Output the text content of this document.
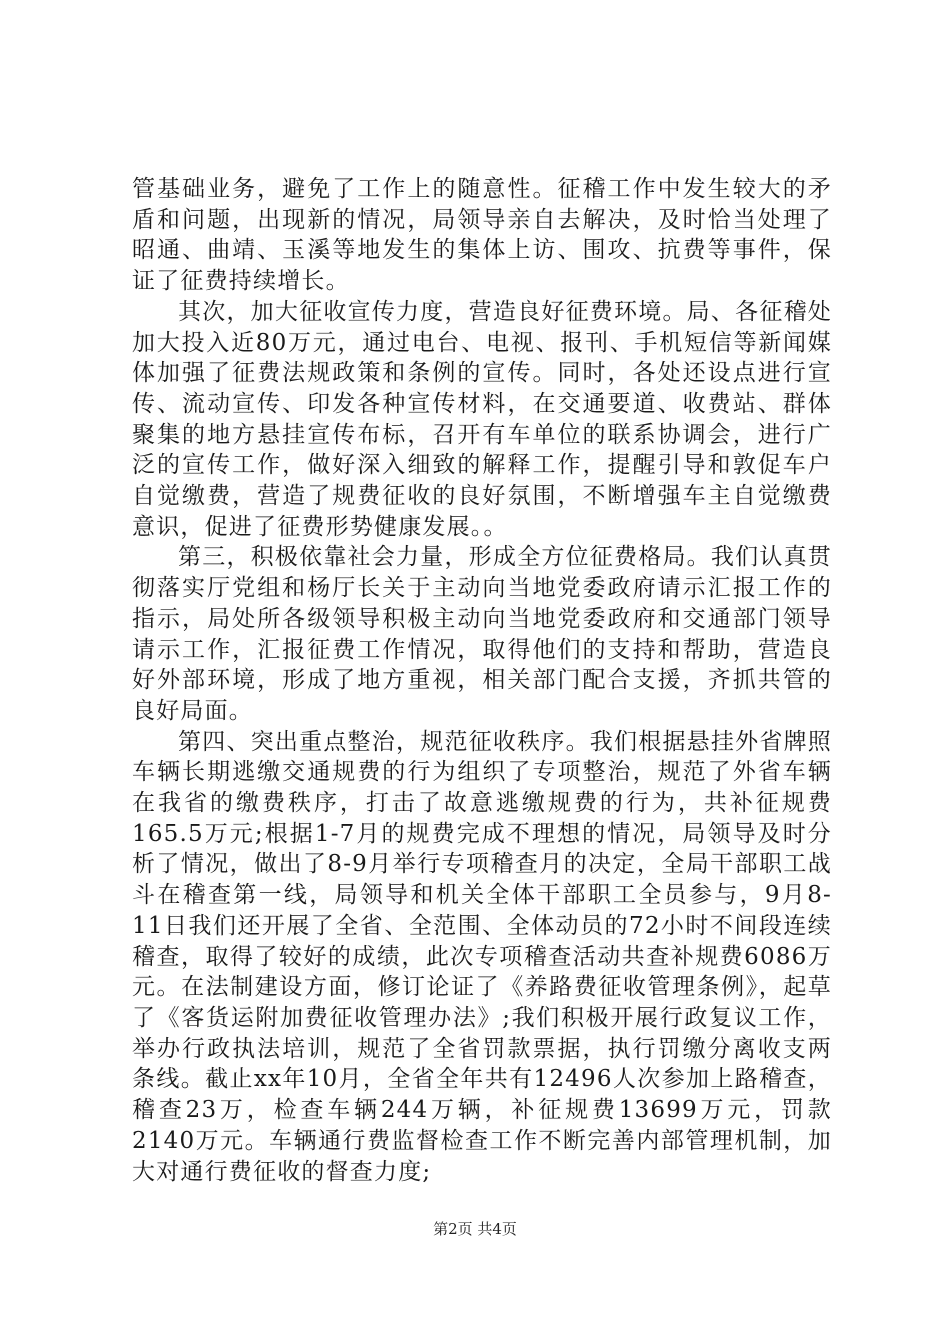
管基础业务，避免了工作上的随意性。征稽工作中发生较大的矛盾和问题，出现新的情况，局领导亲自去解决，及时恰当处理了昭通、曲靖、玉溪等地发生的集体上访、围攻、抗费等事件，保证了征费持续增长。

其次，加大征收宣传力度，营造良好征费环境。局、各征稽处加大投入近80万元，通过电台、电视、报刊、手机短信等新闻媒体加强了征费法规政策和条例的宣传。同时，各处还设点进行宣传、流动宣传、印发各种宣传材料，在交通要道、收费站、群体聚集的地方悬挂宣传布标，召开有车单位的联系协调会，进行广泛的宣传工作，做好深入细致的解释工作，提醒引导和敦促车户自觉缴费，营造了规费征收的良好氛围，不断增强车主自觉缴费意识，促进了征费形势健康发展。。

第三，积极依靠社会力量，形成全方位征费格局。我们认真贯彻落实厅党组和杨厅长关于主动向当地党委政府请示汇报工作的指示，局处所各级领导积极主动向当地党委政府和交通部门领导请示工作，汇报征费工作情况，取得他们的支持和帮助，营造良好外部环境，形成了地方重视，相关部门配合支援，齐抓共管的良好局面。

第四、突出重点整治，规范征收秩序。我们根据悬挂外省牌照车辆长期逃缴交通规费的行为组织了专项整治，规范了外省车辆在我省的缴费秩序，打击了故意逃缴规费的行为，共补征规费165.5万元;根据1-7月的规费完成不理想的情况，局领导及时分析了情况，做出了8-9月举行专项稽查月的决定，全局干部职工战斗在稽查第一线，局领导和机关全体干部职工全员参与，9月8-11日我们还开展了全省、全范围、全体动员的72小时不间段连续稽查，取得了较好的成绩，此次专项稽查活动共查补规费6086万元。在法制建设方面，修订论证了《养路费征收管理条例》，起草了《客货运附加费征收管理办法》;我们积极开展行政复议工作，举办行政执法培训，规范了全省罚款票据，执行罚缴分离收支两条线。截止xx年10月，全省全年共有12496人次参加上路稽查，稽查23万，检查车辆244万辆，补征规费13699万元，罚款2140万元。车辆通行费监督检查工作不断完善内部管理机制，加大对通行费征收的督查力度;

第2页 共4页
